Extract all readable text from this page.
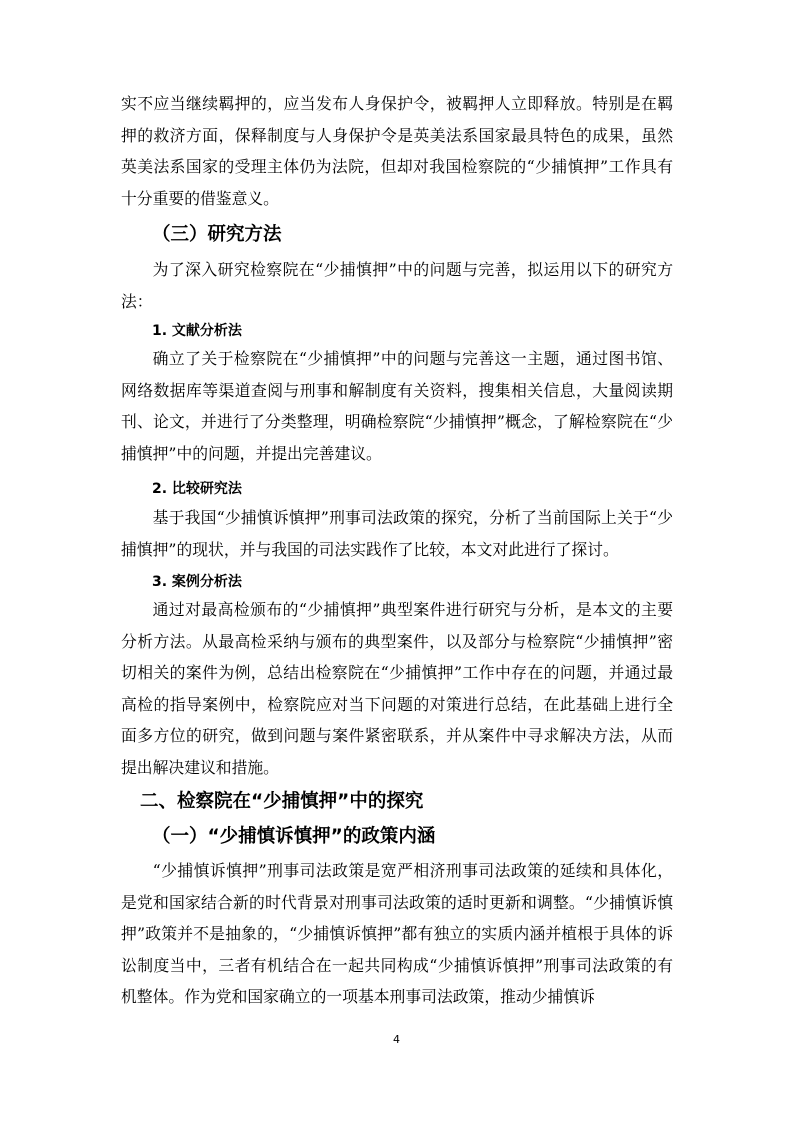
实不应当继续羁押的，应当发布人身保护令，被羁押人立即释放。特别是在羁押的救济方面，保释制度与人身保护令是英美法系国家最具特色的成果，虽然英美法系国家的受理主体仍为法院，但却对我国检察院的“少捕慎押”工作具有十分重要的借鉴意义。

（三）研究方法

为了深入研究检察院在“少捕慎押”中的问题与完善，拟运用以下的研究方法：

1. 文献分析法

确立了关于检察院在“少捕慎押”中的问题与完善这一主题，通过图书馆、网络数据库等渠道查阅与刑事和解制度有关资料，搜集相关信息，大量阅读期刊、论文，并进行了分类整理，明确检察院“少捕慎押”概念，了解检察院在“少捕慎押”中的问题，并提出完善建议。

2. 比较研究法

基于我国“少捕慎诉慎押”刑事司法政策的探究，分析了当前国际上关于“少捕慎押”的现状，并与我国的司法实践作了比较，本文对此进行了探讨。

3. 案例分析法

通过对最高检颁布的“少捕慎押”典型案件进行研究与分析，是本文的主要分析方法。从最高检采纳与颁布的典型案件，以及部分与检察院“少捕慎押”密切相关的案件为例，总结出检察院在“少捕慎押”工作中存在的问题，并通过最高检的指导案例中，检察院应对当下问题的对策进行总结，在此基础上进行全面多方位的研究，做到问题与案件紧密联系，并从案件中寻求解决方法，从而提出解决建议和措施。

二、检察院在“少捕慎押”中的探究
（一）“少捕慎诉慎押”的政策内涵

“少捕慎诉慎押”刑事司法政策是宽严相济刑事司法政策的延续和具体化，是党和国家结合新的时代背景对刑事司法政策的适时更新和调整。“少捕慎诉慎押”政策并不是抽象的，“少捕慎诉慎押”都有独立的实质内涵并植根于具体的诉讼制度当中，三者有机结合在一起共同构成“少捕慎诉慎押”刑事司法政策的有机整体。作为党和国家确立的一项基本刑事司法政策，推动少捕慎诉

4
